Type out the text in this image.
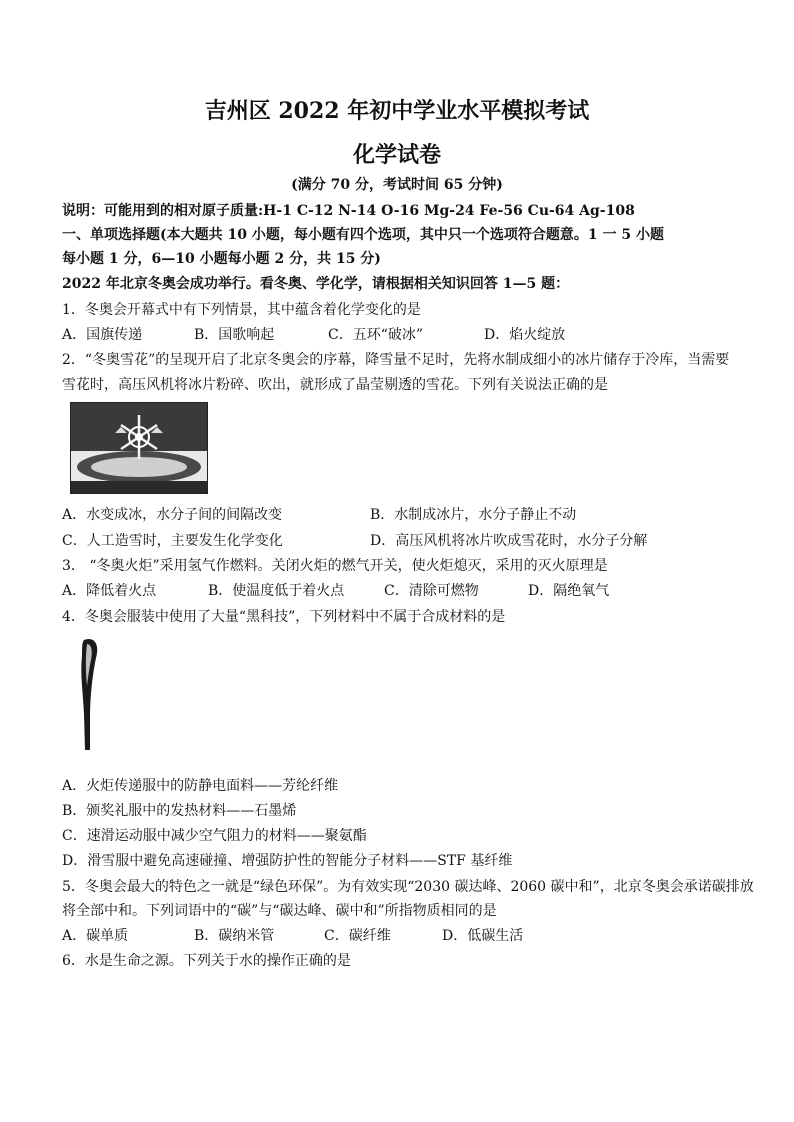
吉州区 2022 年初中学业水平模拟考试
化学试卷
(满分 70 分，考试时间 65 分钟)
说明：可能用到的相对原子质量:H-1 C-12 N-14 O-16 Mg-24 Fe-56 Cu-64 Ag-108
一、单项选择题(本大题共 10 小题，每小题有四个选项，其中只一个选项符合题意。1 一 5 小题
每小题 1 分，6—10 小题每小题 2 分，共 15 分)
2022 年北京冬奥会成功举行。看冬奥、学化学，请根据相关知识回答 1—5 题：
1．冬奥会开幕式中有下列情景，其中蕴含着化学变化的是
A．国旗传递	B．国歌响起	C．五环“破冰”	D．焰火绽放
2．“冬奥雪花”的呈现开启了北京冬奥会的序幕，降雪量不足时，先将水制成细小的冰片储存于冷库，当需要
雪花时，高压风机将冰片粉碎、吹出，就形成了晶莹剔透的雪花。下列有关说法正确的是
A．水变成冰，水分子间的间隔改变	B．水制成冰片，水分子静止不动
C．人工造雪时，主要发生化学变化	D．高压风机将冰片吹成雪花时，水分子分解
3． “冬奥火炬”采用氢气作燃料。关闭火炬的燃气开关，使火炬熄灭，采用的灭火原理是
A．降低着火点	B．使温度低于着火点	C．清除可燃物	D．隔绝氧气
4．冬奥会服装中使用了大量“黑科技”，下列材料中不属于合成材料的是
A．火炬传递服中的防静电面料——芳纶纤维
B．颁奖礼服中的发热材料——石墨烯
C．速滑运动服中减少空气阻力的材料——聚氨酯
D．滑雪服中避免高速碰撞、增强防护性的智能分子材料——STF 基纤维
5．冬奥会最大的特色之一就是“绿色环保”。为有效实现“2030 碳达峰、2060 碳中和”，北京冬奥会承诺碳排放
将全部中和。下列词语中的“碳”与“碳达峰、碳中和”所指物质相同的是
A．碳单质	B．碳纳米管	C．碳纤维	D．低碳生活
6．水是生命之源。下列关于水的操作正确的是
